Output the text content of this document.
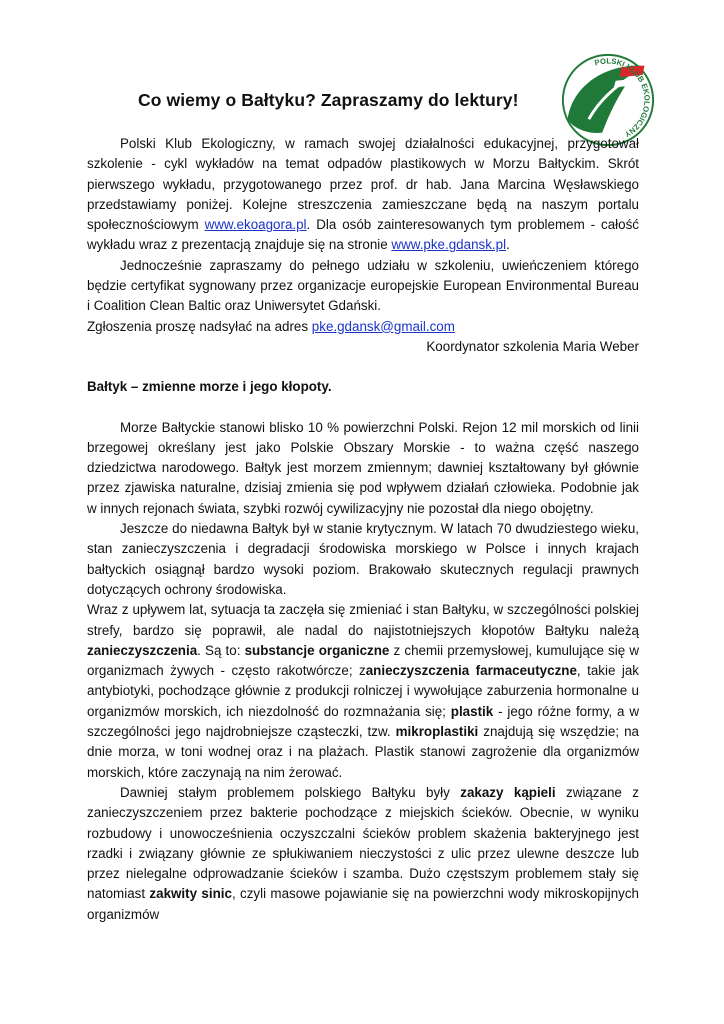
POLSKI KLUB EKOLOGICZNY
Co wiemy o Bałtyku? Zapraszamy do lektury!

Polski Klub Ekologiczny, w ramach swojej działalności edukacyjnej, przygotował szkolenie - cykl wykładów na temat odpadów plastikowych w Morzu Bałtyckim. Skrót pierwszego wykładu, przygotowanego przez prof. dr hab. Jana Marcina Węsławskiego przedstawiamy poniżej. Kolejne streszczenia zamieszczane będą na naszym portalu społecznościowym www.ekoagora.pl. Dla osób zainteresowanych tym problemem - całość wykładu wraz z prezentacją znajduje się na stronie www.pke.gdansk.pl.

Jednocześnie zapraszamy do pełnego udziału w szkoleniu, uwieńczeniem którego będzie certyfikat sygnowany przez organizacje europejskie European Environmental Bureau i Coalition Clean Baltic oraz Uniwersytet Gdański.

Zgłoszenia proszę nadsyłać na adres pke.gdansk@gmail.com

Koordynator szkolenia Maria Weber

Bałtyk – zmienne morze i jego kłopoty.

Morze Bałtyckie stanowi blisko 10 % powierzchni Polski. Rejon 12 mil morskich od linii brzegowej określany jest jako Polskie Obszary Morskie - to ważna część naszego dziedzictwa narodowego. Bałtyk jest morzem zmiennym; dawniej kształtowany był głównie przez zjawiska naturalne, dzisiaj zmienia się pod wpływem działań człowieka. Podobnie jak w innych rejonach świata, szybki rozwój cywilizacyjny nie pozostał dla niego obojętny.

Jeszcze do niedawna Bałtyk był w stanie krytycznym. W latach 70 dwudziestego wieku, stan zanieczyszczenia i degradacji środowiska morskiego w Polsce i innych krajach bałtyckich osiągnął bardzo wysoki poziom. Brakowało skutecznych regulacji prawnych dotyczących ochrony środowiska.

Wraz z upływem lat, sytuacja ta zaczęła się zmieniać i stan Bałtyku, w szczególności polskiej strefy, bardzo się poprawił, ale nadal do najistotniejszych kłopotów Bałtyku należą zanieczyszczenia. Są to: substancje organiczne z chemii przemysłowej, kumulujące się w organizmach żywych - często rakotwórcze; zanieczyszczenia farmaceutyczne, takie jak antybiotyki, pochodzące głównie z produkcji rolniczej i wywołujące zaburzenia hormonalne u organizmów morskich, ich niezdolność do rozmnażania się; plastik - jego różne formy, a w szczególności jego najdrobniejsze cząsteczki, tzw. mikroplastiki znajdują się wszędzie; na dnie morza, w toni wodnej oraz i na plażach. Plastik stanowi zagrożenie dla organizmów morskich, które zaczynają na nim żerować.

Dawniej stałym problemem polskiego Bałtyku były zakazy kąpieli związane z zanieczyszczeniem przez bakterie pochodzące z miejskich ścieków. Obecnie, w wyniku rozbudowy i unowocześnienia oczyszczalni ścieków problem skażenia bakteryjnego jest rzadki i związany głównie ze spłukiwaniem nieczystości z ulic przez ulewne deszcze lub przez nielegalne odprowadzanie ścieków i szamba. Dużo częstszym problemem stały się natomiast zakwity sinic, czyli masowe pojawianie się na powierzchni wody mikroskopijnych organizmów
